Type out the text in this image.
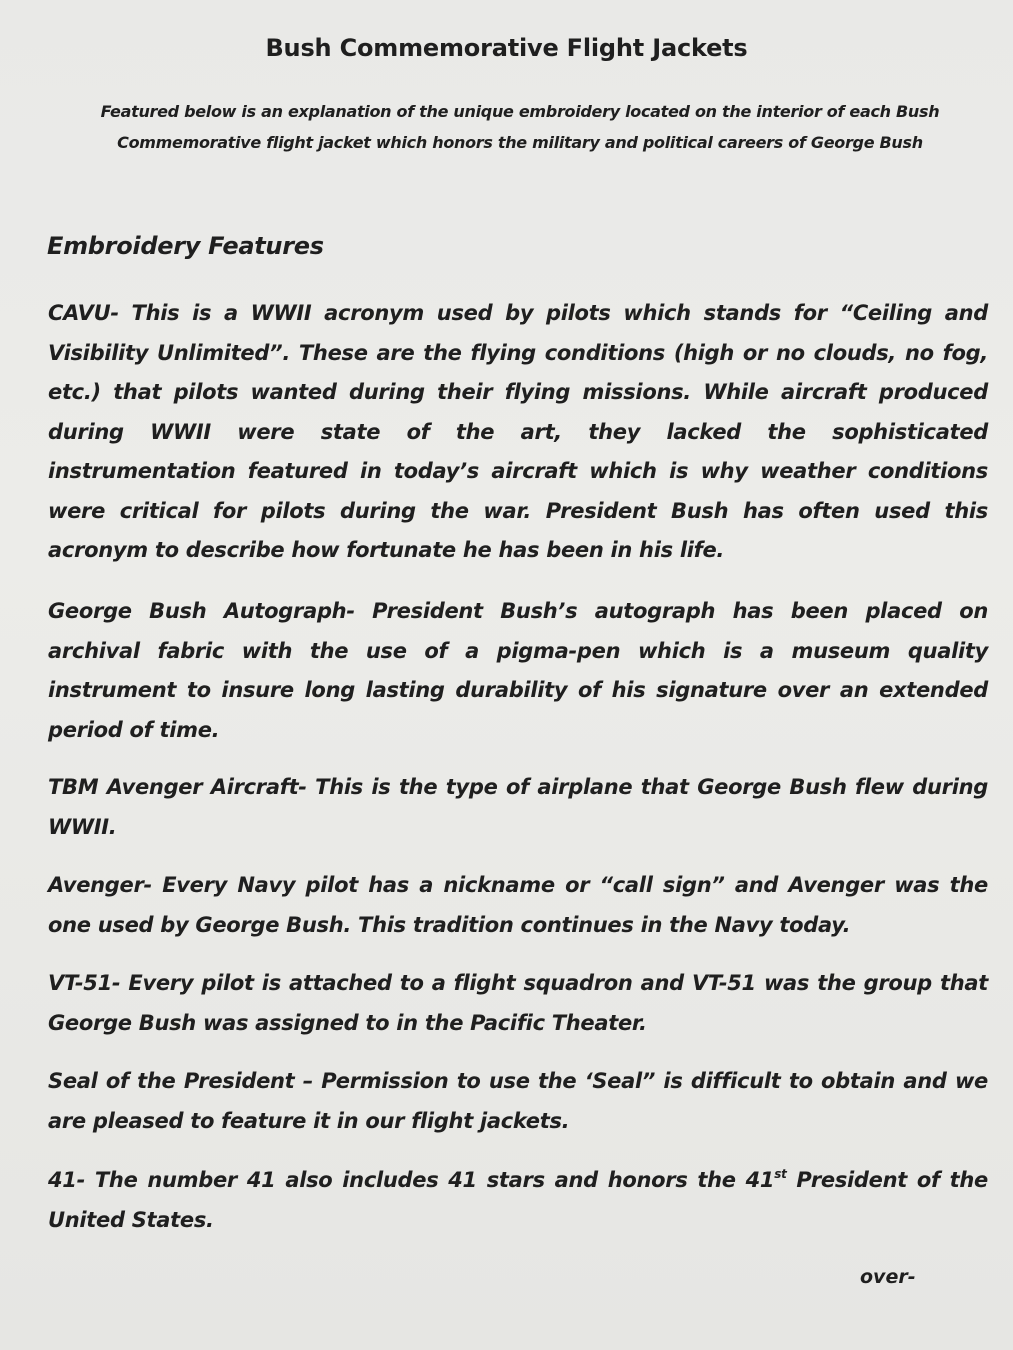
Bush Commemorative Flight Jackets

Featured below is an explanation of the unique embroidery located on the interior of each Bush Commemorative flight jacket which honors the military and political careers of George Bush

Embroidery Features

CAVU- This is a WWII acronym used by pilots which stands for “Ceiling and Visibility Unlimited”. These are the flying conditions (high or no clouds, no fog, etc.) that pilots wanted during their flying missions. While aircraft produced during WWII were state of the art, they lacked the sophisticated instrumentation featured in today’s aircraft which is why weather conditions were critical for pilots during the war. President Bush has often used this acronym to describe how fortunate he has been in his life.

George Bush Autograph- President Bush’s autograph has been placed on archival fabric with the use of a pigma-pen which is a museum quality instrument to insure long lasting durability of his signature over an extended period of time.

TBM Avenger Aircraft- This is the type of airplane that George Bush flew during WWII.

Avenger- Every Navy pilot has a nickname or “call sign” and Avenger was the one used by George Bush. This tradition continues in the Navy today.

VT-51- Every pilot is attached to a flight squadron and VT-51 was the group that George Bush was assigned to in the Pacific Theater.

Seal of the President – Permission to use the ‘Seal” is difficult to obtain and we are pleased to feature it in our flight jackets.

41- The number 41 also includes 41 stars and honors the 41st President of the United States.

over-
